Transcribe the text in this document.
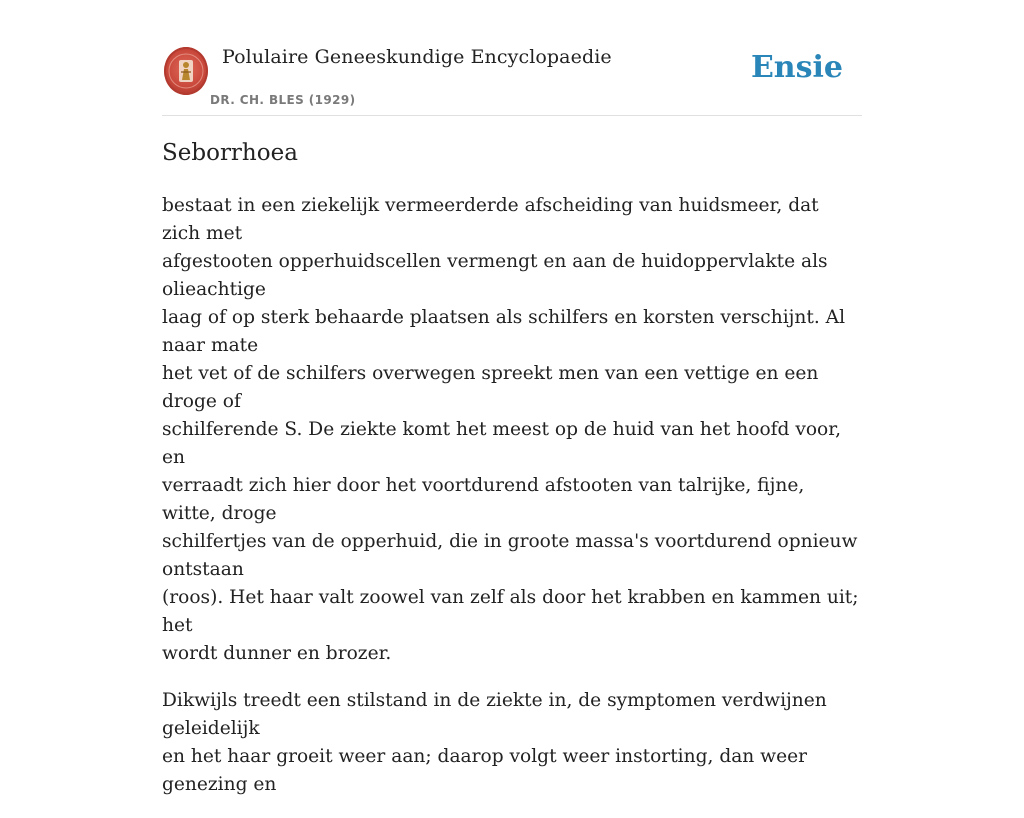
Polulaire Geneeskundige Encyclopaedie
DR. CH. BLES (1929)
Ensie
Seborrhoea

bestaat in een ziekelijk vermeerderde afscheiding van huidsmeer, dat zich met
afgestooten opperhuidscellen vermengt en aan de huidoppervlakte als olieachtige
laag of op sterk behaarde plaatsen als schilfers en korsten verschijnt. Al naar mate
het vet of de schilfers overwegen spreekt men van een vettige en een droge of
schilferende S. De ziekte komt het meest op de huid van het hoofd voor, en
verraadt zich hier door het voortdurend afstooten van talrijke, fijne, witte, droge
schilfertjes van de opperhuid, die in groote massa's voortdurend opnieuw ontstaan
(roos). Het haar valt zoowel van zelf als door het krabben en kammen uit; het
wordt dunner en brozer.

Dikwijls treedt een stilstand in de ziekte in, de symptomen verdwijnen geleidelijk
en het haar groeit weer aan; daarop volgt weer instorting, dan weer genezing en
